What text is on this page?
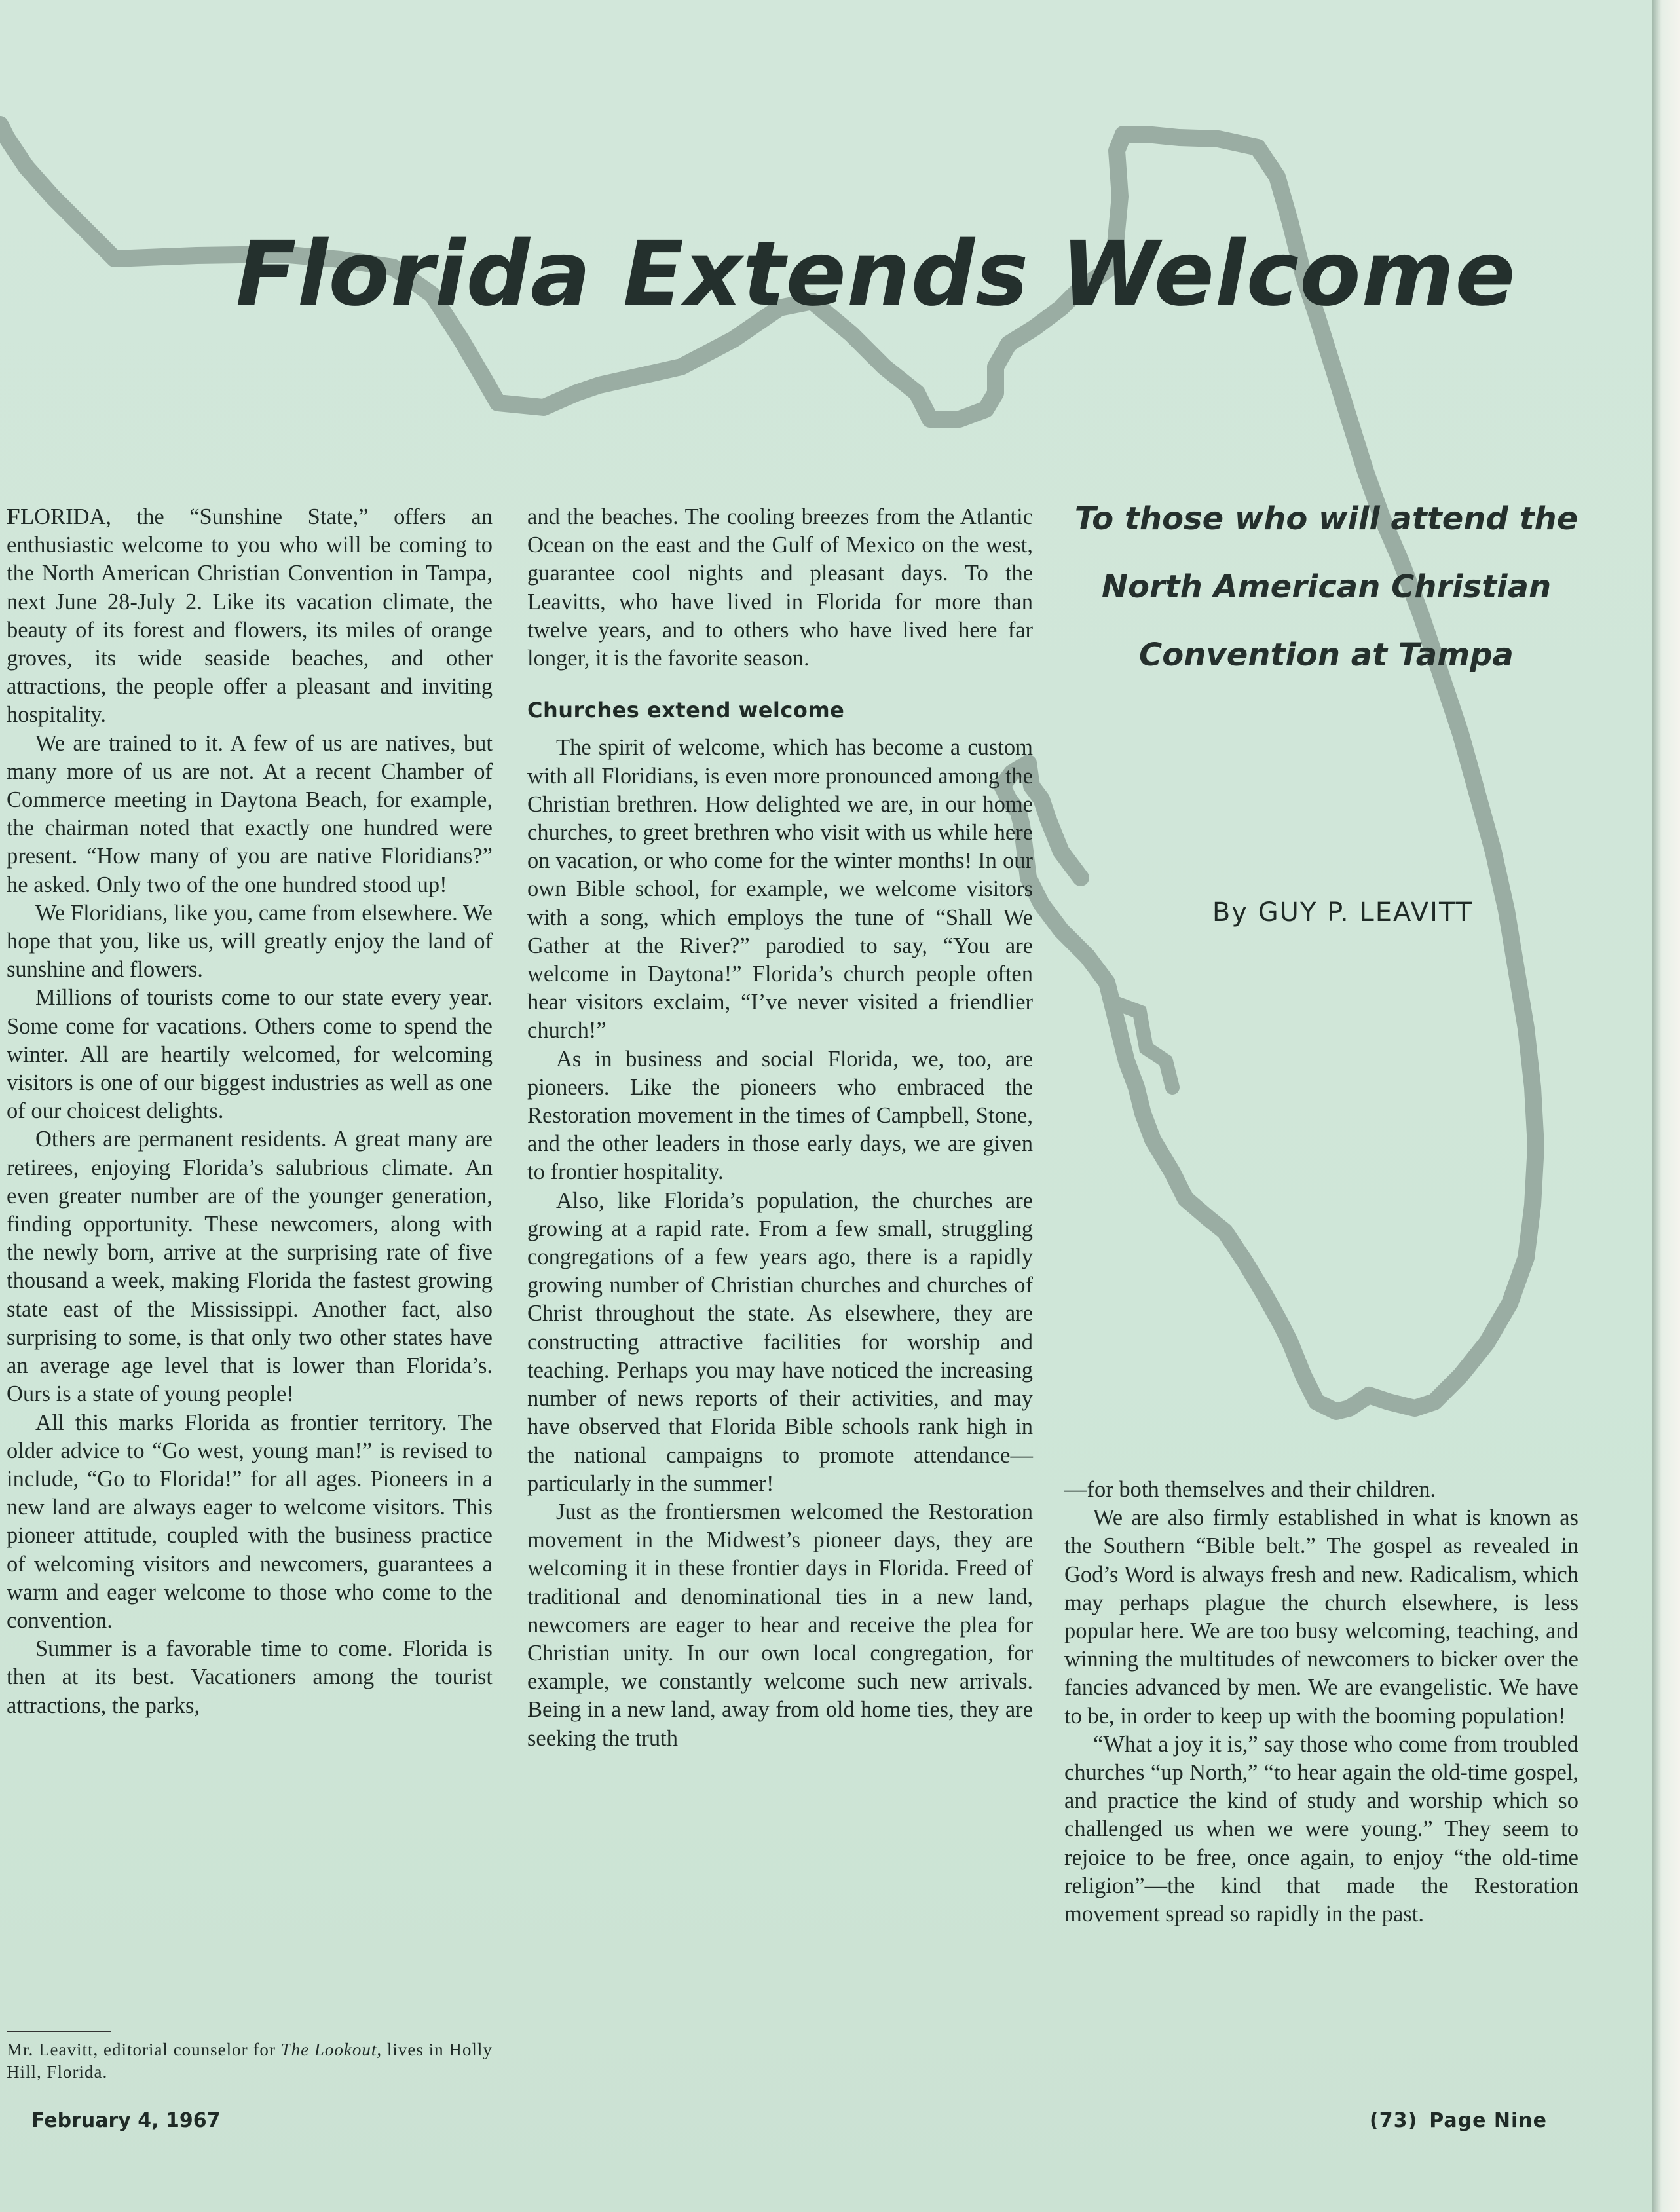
Florida Extends Welcome

FLORIDA, the “Sunshine State,” offers an enthusiastic welcome to you who will be coming to the North American Christian Convention in Tampa, next June 28-July 2. Like its vacation climate, the beauty of its forest and flowers, its miles of orange groves, its wide seaside beaches, and other attractions, the people offer a pleasant and inviting hospitality.

We are trained to it. A few of us are natives, but many more of us are not. At a recent Chamber of Commerce meeting in Daytona Beach, for example, the chairman noted that exactly one hundred were present. “How many of you are native Floridians?” he asked. Only two of the one hundred stood up!

We Floridians, like you, came from elsewhere. We hope that you, like us, will greatly enjoy the land of sunshine and flowers.

Millions of tourists come to our state every year. Some come for vacations. Others come to spend the winter. All are heartily welcomed, for welcoming visitors is one of our biggest industries as well as one of our choicest delights.

Others are permanent residents. A great many are retirees, enjoying Florida’s salubrious climate. An even greater number are of the younger generation, finding opportunity. These newcomers, along with the newly born, arrive at the surprising rate of five thousand a week, making Florida the fastest growing state east of the Mississippi. Another fact, also surprising to some, is that only two other states have an average age level that is lower than Florida’s. Ours is a state of young people!

All this marks Florida as frontier territory. The older advice to “Go west, young man!” is revised to include, “Go to Florida!” for all ages. Pioneers in a new land are always eager to welcome visitors. This pioneer attitude, coupled with the business practice of welcoming visitors and newcomers, guarantees a warm and eager welcome to those who come to the convention.

Summer is a favorable time to come. Florida is then at its best. Vacationers among the tourist attractions, the parks,

and the beaches. The cooling breezes from the Atlantic Ocean on the east and the Gulf of Mexico on the west, guarantee cool nights and pleasant days. To the Leavitts, who have lived in Florida for more than twelve years, and to others who have lived here far longer, it is the favorite season.

Churches extend welcome

The spirit of welcome, which has become a custom with all Floridians, is even more pronounced among the Christian brethren. How delighted we are, in our home churches, to greet brethren who visit with us while here on vacation, or who come for the winter months! In our own Bible school, for example, we welcome visitors with a song, which employs the tune of “Shall We Gather at the River?” parodied to say, “You are welcome in Daytona!” Florida’s church people often hear visitors exclaim, “I’ve never visited a friendlier church!”

As in business and social Florida, we, too, are pioneers. Like the pioneers who embraced the Restoration movement in the times of Campbell, Stone, and the other leaders in those early days, we are given to frontier hospitality.

Also, like Florida’s population, the churches are growing at a rapid rate. From a few small, struggling congregations of a few years ago, there is a rapidly growing number of Christian churches and churches of Christ throughout the state. As elsewhere, they are constructing attractive facilities for worship and teaching. Perhaps you may have noticed the increasing number of news reports of their activities, and may have observed that Florida Bible schools rank high in the national campaigns to promote attendance—particularly in the summer!

Just as the frontiersmen welcomed the Restoration movement in the Midwest’s pioneer days, they are welcoming it in these frontier days in Florida. Freed of traditional and denominational ties in a new land, newcomers are eager to hear and receive the plea for Christian unity. In our own local congregation, for example, we constantly welcome such new arrivals. Being in a new land, away from old home ties, they are seeking the truth

To those who will attend the
North American Christian
Convention at Tampa
By GUY P. LEAVITT

—for both themselves and their children.

We are also firmly established in what is known as the Southern “Bible belt.” The gospel as revealed in God’s Word is always fresh and new. Radicalism, which may perhaps plague the church elsewhere, is less popular here. We are too busy welcoming, teaching, and winning the multitudes of newcomers to bicker over the fancies advanced by men. We are evangelistic. We have to be, in order to keep up with the booming population!

“What a joy it is,” say those who come from troubled churches “up North,” “to hear again the old-time gospel, and practice the kind of study and worship which so challenged us when we were young.” They seem to rejoice to be free, once again, to enjoy “the old-time religion”—the kind that made the Restoration movement spread so rapidly in the past.

Mr. Leavitt, editorial counselor for The Lookout, lives in Holly Hill, Florida.
February 4, 1967	(73) Page Nine
